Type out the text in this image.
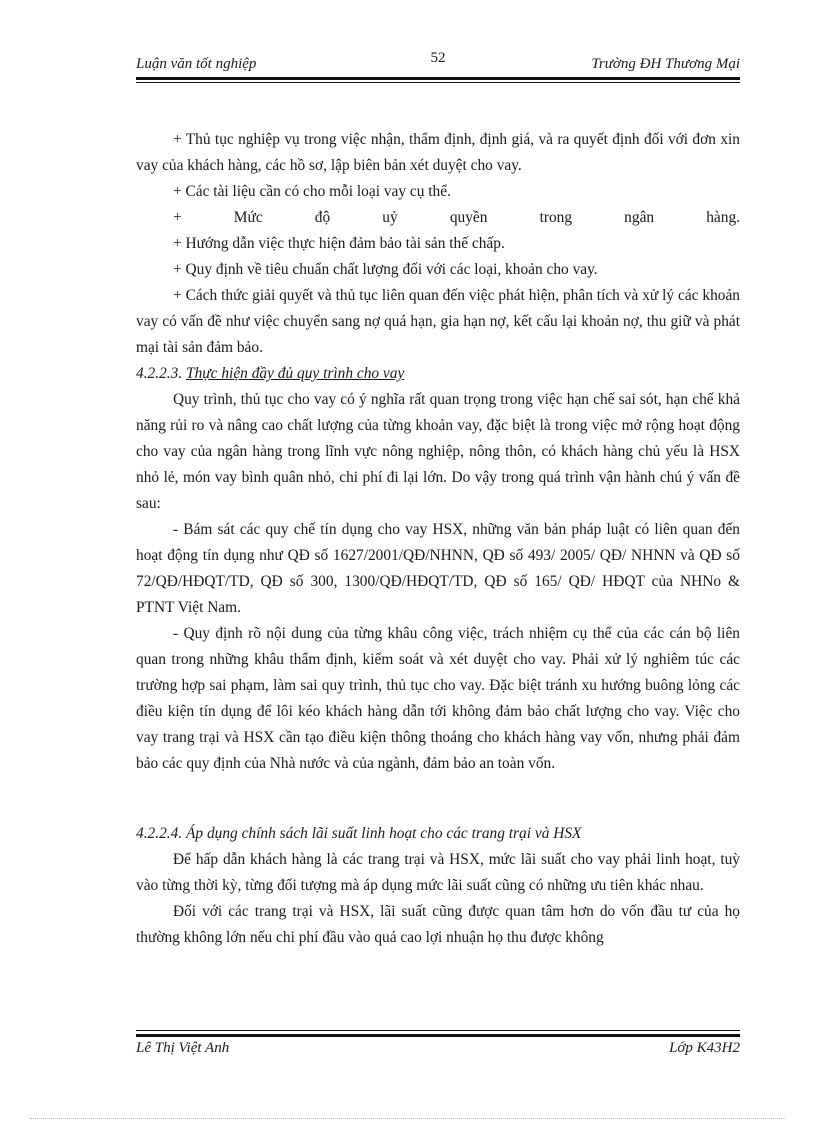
Luận văn tốt nghiệp	52	Trường ĐH Thương Mại

+ Thủ tục nghiệp vụ trong việc nhận, thẩm định, định giá, và ra quyết định đối với đơn xin vay của khách hàng, các hồ sơ, lập biên bản xét duyệt cho vay.

+ Các tài liệu cần có cho mỗi loại vay cụ thể.

+ Mức độ uỷ quyền trong ngân hàng.

+ Hướng dẫn việc thực hiện đảm bảo tài sản thế chấp.

+ Quy định về tiêu chuẩn chất lượng đối với các loại, khoản cho vay.

+ Cách thức giải quyết và thủ tục liên quan đến việc phát hiện, phân tích và xử lý các khoản vay có vấn đề như việc chuyển sang nợ quá hạn, gia hạn nợ, kết cấu lại khoản nợ, thu giữ và phát mại tài sản đảm bảo.

4.2.2.3. Thực hiện đầy đủ quy trình cho vay

Quy trình, thủ tục cho vay có ý nghĩa rất quan trọng trong việc hạn chế sai sót, hạn chế khả năng rủi ro và nâng cao chất lượng của từng khoản vay, đặc biệt là trong việc mở rộng hoạt động cho vay của ngân hàng trong lĩnh vực nông nghiệp, nông thôn, có khách hàng chủ yếu là HSX nhỏ lẻ, món vay bình quân nhỏ, chi phí đi lại lớn. Do vậy trong quá trình vận hành chú ý vấn đề sau:

- Bám sát các quy chế tín dụng cho vay HSX, những văn bản pháp luật có liên quan đến hoạt động tín dụng như QĐ số 1627/2001/QĐ/NHNN, QĐ số 493/ 2005/ QĐ/ NHNN và QĐ số 72/QĐ/HĐQT/TD, QĐ số 300, 1300/QĐ/HĐQT/TD, QĐ số 165/ QĐ/ HĐQT của NHNo & PTNT Việt Nam.

- Quy định rõ nội dung của từng khâu công việc, trách nhiệm cụ thể của các cán bộ liên quan trong những khâu thẩm định, kiểm soát và xét duyệt cho vay. Phải xử lý nghiêm túc các trường hợp sai phạm, làm sai quy trình, thủ tục cho vay. Đặc biệt tránh xu hướng buông lỏng các điều kiện tín dụng để lôi kéo khách hàng dẫn tới không đảm bảo chất lượng cho vay. Việc cho vay trang trại và HSX cần tạo điều kiện thông thoáng cho khách hàng vay vốn, nhưng phải đảm bảo các quy định của Nhà nước và của ngành, đảm bảo an toàn vốn.

4.2.2.4. Áp dụng chính sách lãi suất linh hoạt cho các trang trại và HSX

Để hấp dẫn khách hàng là các trang trại và HSX, mức lãi suất cho vay phải linh hoạt, tuỳ vào từng thời kỳ, từng đối tượng mà áp dụng mức lãi suất cũng có những ưu tiên khác nhau.

Đối với các trang trại và HSX, lãi suất cũng được quan tâm hơn do vốn đầu tư của họ thường không lớn nếu chi phí đầu vào quá cao lợi nhuận họ thu được không

Lê Thị Việt Anh	Lớp K43H2
